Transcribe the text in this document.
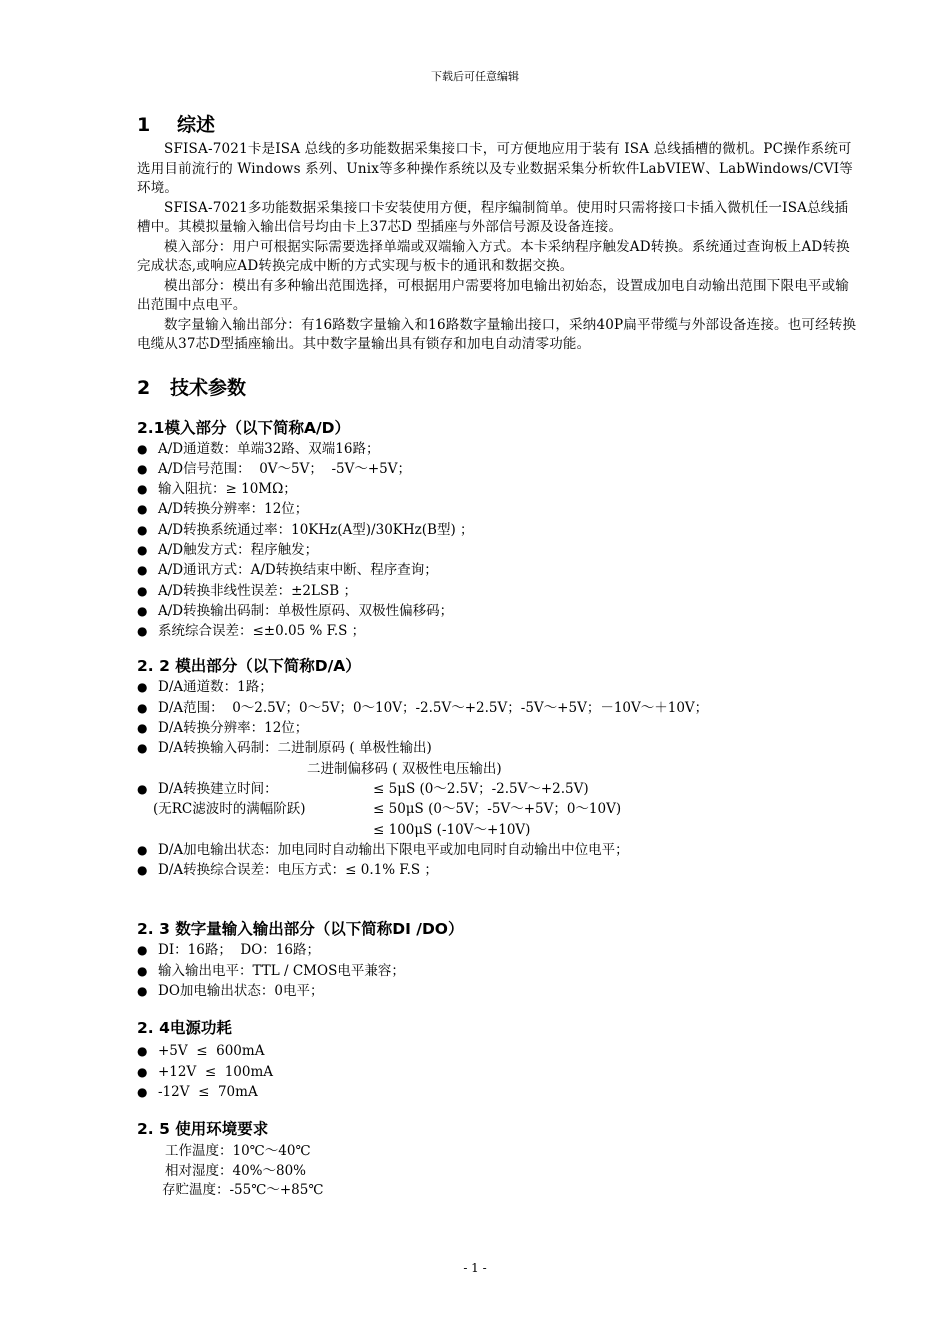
下载后可任意编辑
1 综述

SFISA-7021卡是ISA 总线的多功能数据采集接口卡，可方便地应用于装有 ISA 总线插槽的微机。PC操作系统可选用目前流行的 Windows 系列、Unix等多种操作系统以及专业数据采集分析软件LabVIEW、LabWindows/CVI等环境。

SFISA-7021多功能数据采集接口卡安装使用方便，程序编制简单。使用时只需将接口卡插入微机任一ISA总线插槽中。其模拟量输入输出信号均由卡上37芯D 型插座与外部信号源及设备连接。

模入部分：用户可根据实际需要选择单端或双端输入方式。本卡采纳程序触发AD转换。系统通过查询板上AD转换完成状态,或响应AD转换完成中断的方式实现与板卡的通讯和数据交换。

模出部分：模出有多种输出范围选择，可根据用户需要将加电输出初始态，设置成加电自动输出范围下限电平或输出范围中点电平。

数字量输入输出部分：有16路数字量输入和16路数字量输出接口，采纳40P扁平带缆与外部设备连接。也可经转换电缆从37芯D型插座输出。其中数字量输出具有锁存和加电自动清零功能。

2 技术参数
2.1模入部分（以下简称A/D）
● A/D通道数：单端32路、双端16路；
● A/D信号范围：  0V～5V；  -5V～+5V；
● 输入阻抗：≥ 10MΩ；
● A/D转换分辨率：12位；
● A/D转换系统通过率：10KHz(A型)/30KHz(B型) ；
● A/D触发方式：程序触发；
● A/D通讯方式：A/D转换结束中断、程序查询；
● A/D转换非线性误差：±2LSB ；
● A/D转换输出码制：单极性原码、双极性偏移码；
● 系统综合误差：≤±0.05 % F.S ；
2. 2 模出部分（以下简称D/A）
● D/A通道数：1路；
● D/A范围：  0～2.5V；0～5V；0～10V；-2.5V～+2.5V；-5V～+5V；－10V～＋10V；
● D/A转换分辨率：12位；
● D/A转换输入码制：二进制原码 ( 单极性输出)

二进制偏移码 ( 双极性电压输出)

● D/A转换建立时间：	≤ 5μS (0～2.5V；-2.5V～+2.5V)

(无RC滤波时的满幅阶跃)	≤ 50μS (0～5V；-5V～+5V；0～10V)

≤ 100μS (-10V～+10V)

● D/A加电输出状态：加电同时自动输出下限电平或加电同时自动输出中位电平；
● D/A转换综合误差：电压方式：≤ 0.1% F.S ；
2. 3 数字量输入输出部分（以下简称DI /DO）
● DI：16路；  DO：16路；
● 输入输出电平：TTL / CMOS电平兼容；
● DO加电输出状态：0电平；
2. 4电源功耗
● +5V  ≤  600mA
● +12V  ≤  100mA
● -12V  ≤  70mA
2. 5 使用环境要求

工作温度：10℃～40℃

相对湿度：40%～80%

存贮温度：-55℃～+85℃

- 1 -
